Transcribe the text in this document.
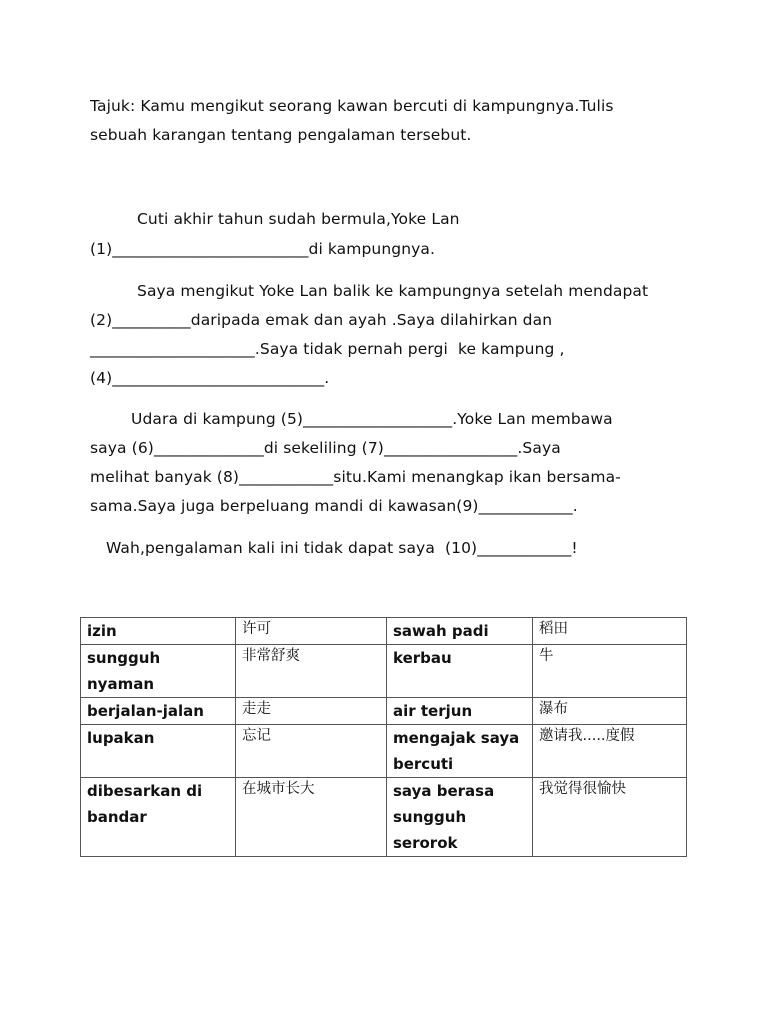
Tajuk: Kamu mengikut seorang kawan bercuti di kampungnya.Tulis
sebuah karangan tentang pengalaman tersebut.
Cuti akhir tahun sudah bermula,Yoke Lan
(1)_________________________di kampungnya.
Saya mengikut Yoke Lan balik ke kampungnya setelah mendapat
(2)__________daripada emak dan ayah .Saya dilahirkan dan
_____________________.Saya tidak pernah pergi  ke kampung ,
(4)___________________________.
Udara di kampung (5)___________________.Yoke Lan membawa
saya (6)______________di sekeliling (7)_________________.Saya
melihat banyak (8)____________situ.Kami menangkap ikan bersama-
sama.Saya juga berpeluang mandi di kawasan(9)____________.
Wah,pengalaman kali ini tidak dapat saya  (10)____________!
izin	许可	sawah padi	稻田
sungguh nyaman	非常舒爽	kerbau	牛
berjalan-jalan	走走	air terjun	瀑布
lupakan	忘记	mengajak saya bercuti	邀请我.....度假
dibesarkan di bandar	在城市长大	saya berasa sungguh serorok	我觉得很愉快
